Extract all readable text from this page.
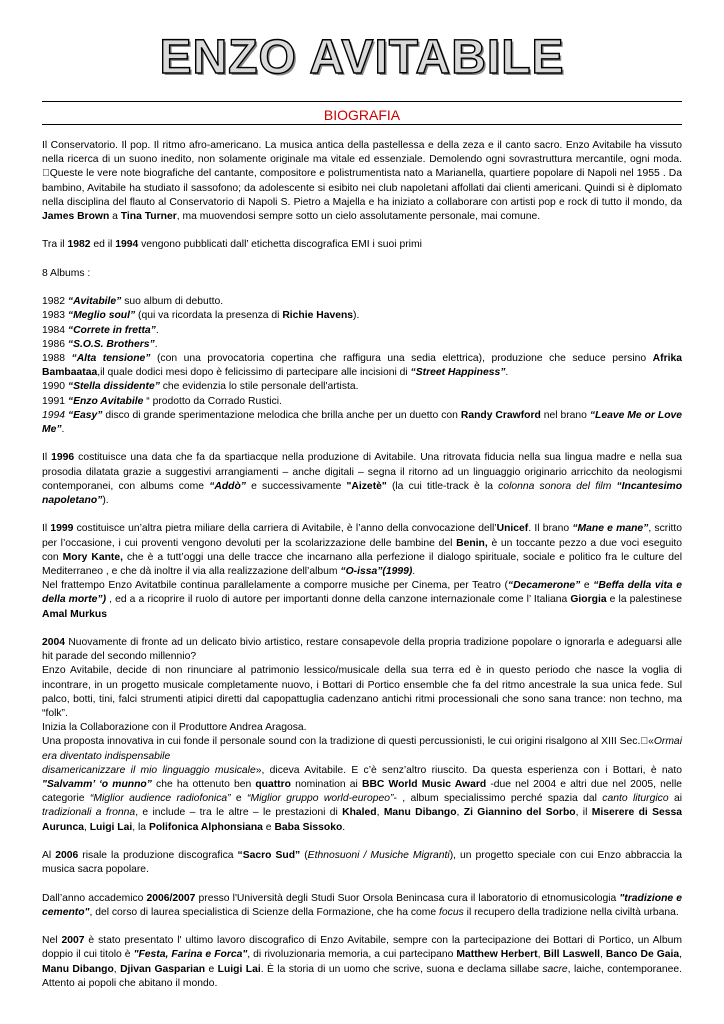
ENZO AVITABILE
BIOGRAFIA

Il Conservatorio. Il pop. Il ritmo afro-americano. La musica antica della pastellessa e della zeza e il canto sacro. Enzo Avitabile ha vissuto nella ricerca di un suono inedito, non solamente originale ma vitale ed essenziale. Demolendo ogni sovrastruttura mercantile, ogni moda. Queste le vere note biografiche del cantante, compositore e polistrumentista nato a Marianella, quartiere popolare di Napoli nel 1955 . Da bambino, Avitabile ha studiato il sassofono; da adolescente si esibito nei club napoletani affollati dai clienti americani. Quindi si è diplomato nella disciplina del flauto al Conservatorio di Napoli S. Pietro a Majella e ha iniziato a collaborare con artisti pop e rock di tutto il mondo, da James Brown a Tina Turner, ma muovendosi sempre sotto un cielo assolutamente personale, mai comune.

Tra il 1982 ed il 1994 vengono pubblicati dall’ etichetta discografica EMI i suoi primi

8 Albums :

1982 “Avitabile” suo album di debutto.

1983 “Meglio soul” (qui va ricordata la presenza di Richie Havens).

1984 “Correte in fretta”.

1986 “S.O.S. Brothers”.

1988 “Alta tensione” (con una provocatoria copertina che raffigura una sedia elettrica), produzione che seduce persino Afrika Bambaataa,il quale dodici mesi dopo è felicissimo di partecipare alle incisioni di “Street Happiness”.

1990 “Stella dissidente” che evidenzia lo stile personale dell'artista.

1991 “Enzo Avitabile “ prodotto da Corrado Rustici.

1994 “Easy” disco di grande sperimentazione melodica che brilla anche per un duetto con Randy Crawford nel brano “Leave Me or Love Me”.

Il 1996 costituisce una data che fa da spartiacque nella produzione di Avitabile. Una ritrovata fiducia nella sua lingua madre e nella sua prosodia dilatata grazie a suggestivi arrangiamenti – anche digitali – segna il ritorno ad un linguaggio originario arricchito da neologismi contemporanei, con albums come “Addò” e successivamente "Aizetè" (la cui title-track è la colonna sonora del film “Incantesimo napoletano”).

Il 1999 costituisce un’altra pietra miliare della carriera di Avitabile, è l’anno della convocazione dell’Unicef. Il brano “Mane e mane”, scritto per l’occasione, i cui proventi vengono devoluti per la scolarizzazione delle bambine del Benin, è un toccante pezzo a due voci eseguito con Mory Kante, che è a tutt’oggi una delle tracce che incarnano alla perfezione il dialogo spirituale, sociale e politico fra le culture del Mediterraneo , e che dà inoltre il via alla realizzazione dell’album “O-issa”(1999).

Nel frattempo Enzo Avitatbile continua parallelamente a comporre musiche per Cinema, per Teatro (“Decamerone” e “Beffa della vita e della morte”) , ed a a ricoprire il ruolo di autore per importanti donne della canzone internazionale come l’ Italiana Giorgia e la palestinese Amal Murkus

2004 Nuovamente di fronte ad un delicato bivio artistico, restare consapevole della propria tradizione popolare o ignorarla e adeguarsi alle hit parade del secondo millennio?

Enzo Avitabile, decide di non rinunciare al patrimonio lessico/musicale della sua terra ed è in questo periodo che nasce la voglia di incontrare, in un progetto musicale completamente nuovo, i Bottari di Portico ensemble che fa del ritmo ancestrale la sua unica fede. Sul palco, botti, tini, falci strumenti atipici diretti dal capopattuglia cadenzano antichi ritmi processionali che sono sana trance: non techno, ma “folk”.

Inizia la Collaborazione con il Produttore Andrea Aragosa.

Una proposta innovativa in cui fonde il personale sound con la tradizione di questi percussionisti, le cui origini risalgono al XIII Sec. «Ormai era diventato indispensabile

disamericanizzare il mio linguaggio musicale», diceva Avitabile. E c’è senz’altro riuscito. Da questa esperienza con i Bottari, è nato "Salvamm’ ‘o munno” che ha ottenuto ben quattro nomination ai BBC World Music Award -due nel 2004 e altri due nel 2005, nelle categorie “Miglior audience radiofonica” e “Miglior gruppo world-europeo”- , album specialissimo perché spazia dal canto liturgico ai tradizionali a fronna, e include – tra le altre – le prestazioni di Khaled, Manu Dibango, Zi Giannino del Sorbo, il Miserere di Sessa Aurunca, Luigi Lai, la Polifonica Alphonsiana e Baba Sissoko.

Al 2006 risale la produzione discografica “Sacro Sud” (Ethnosuoni / Musiche Migranti), un progetto speciale con cui Enzo abbraccia la musica sacra popolare.

Dall’anno accademico 2006/2007 presso l'Università degli Studi Suor Orsola Benincasa cura il laboratorio di etnomusicologia "tradizione e cemento", del corso di laurea specialistica di Scienze della Formazione, che ha come focus il recupero della tradizione nella civiltà urbana.

Nel 2007 è stato presentato l' ultimo lavoro discografico di Enzo Avitabile, sempre con la partecipazione dei Bottari di Portico, un Album doppio il cui titolo è "Festa, Farina e Forca", di rivoluzionaria memoria, a cui partecipano Matthew Herbert, Bill Laswell, Banco De Gaia, Manu Dibango, Djivan Gasparian e Luigi Lai. È la storia di un uomo che scrive, suona e declama sillabe sacre, laiche, contemporanee. Attento ai popoli che abitano il mondo.
